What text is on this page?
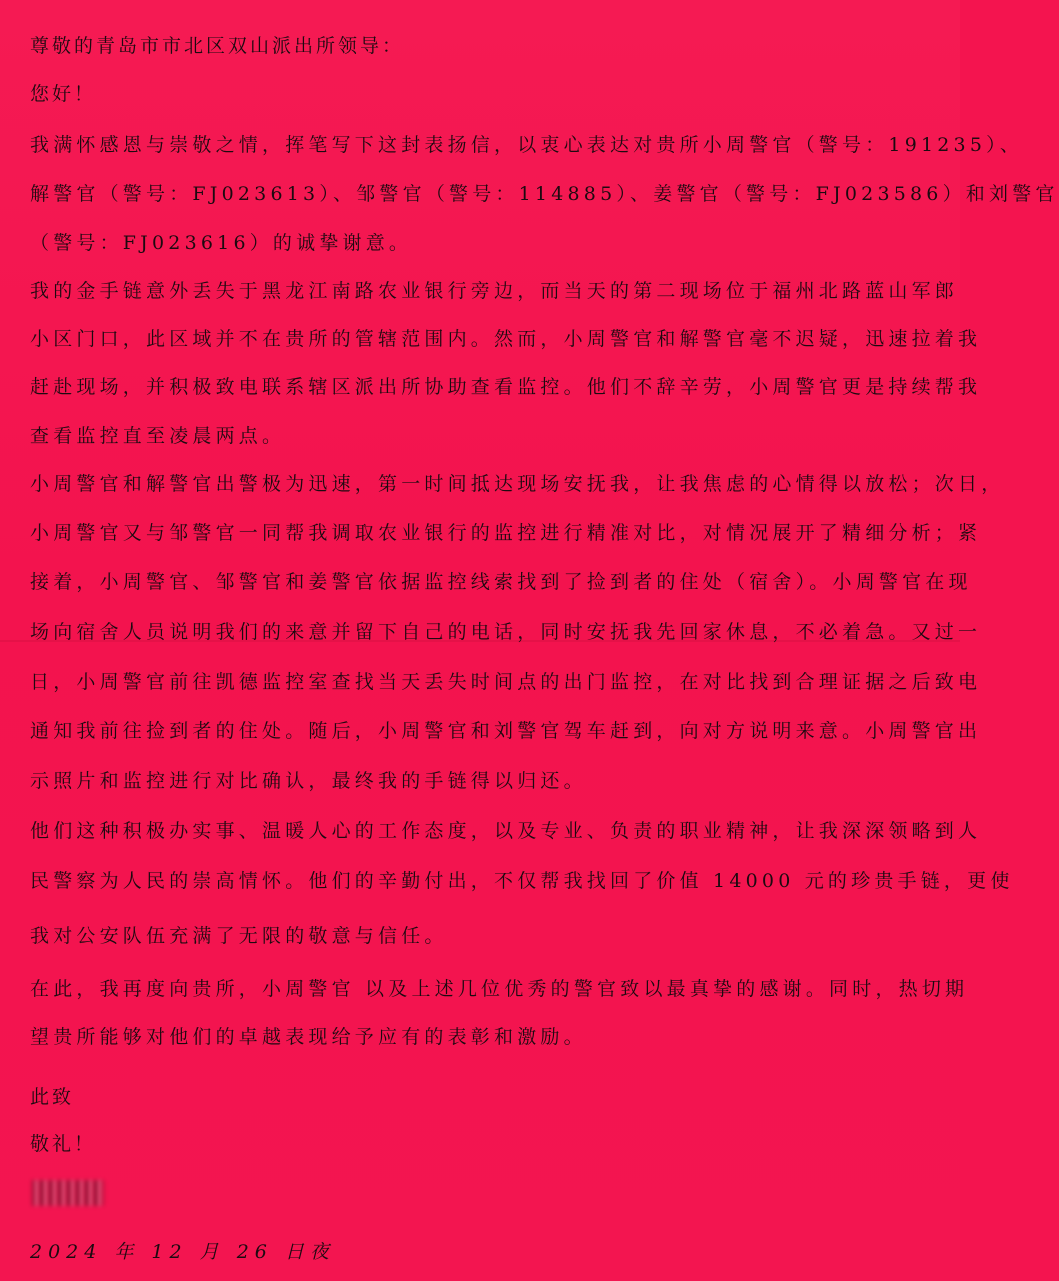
尊敬的青岛市市北区双山派出所领导：
您好！
我满怀感恩与崇敬之情，挥笔写下这封表扬信，以衷心表达对贵所小周警官（警号：191235）、
解警官（警号：FJ023613）、邹警官（警号：114885）、姜警官（警号：FJ023586）和刘警官
（警号：FJ023616）的诚挚谢意。
我的金手链意外丢失于黑龙江南路农业银行旁边，而当天的第二现场位于福州北路蓝山军郎
小区门口，此区域并不在贵所的管辖范围内。然而，小周警官和解警官毫不迟疑，迅速拉着我
赶赴现场，并积极致电联系辖区派出所协助查看监控。他们不辞辛劳，小周警官更是持续帮我
查看监控直至凌晨两点。
小周警官和解警官出警极为迅速，第一时间抵达现场安抚我，让我焦虑的心情得以放松；次日，
小周警官又与邹警官一同帮我调取农业银行的监控进行精准对比，对情况展开了精细分析；紧
接着，小周警官、邹警官和姜警官依据监控线索找到了捡到者的住处（宿舍）。小周警官在现
场向宿舍人员说明我们的来意并留下自己的电话，同时安抚我先回家休息，不必着急。又过一
日，小周警官前往凯德监控室查找当天丢失时间点的出门监控，在对比找到合理证据之后致电
通知我前往捡到者的住处。随后，小周警官和刘警官驾车赶到，向对方说明来意。小周警官出
示照片和监控进行对比确认，最终我的手链得以归还。
他们这种积极办实事、温暖人心的工作态度，以及专业、负责的职业精神，让我深深领略到人
民警察为人民的崇高情怀。他们的辛勤付出，不仅帮我找回了价值 14000 元的珍贵手链，更使
我对公安队伍充满了无限的敬意与信任。
在此，我再度向贵所，小周警官 以及上述几位优秀的警官致以最真挚的感谢。同时，热切期
望贵所能够对他们的卓越表现给予应有的表彰和激励。
此致
敬礼！
2024 年 12 月 26 日夜
